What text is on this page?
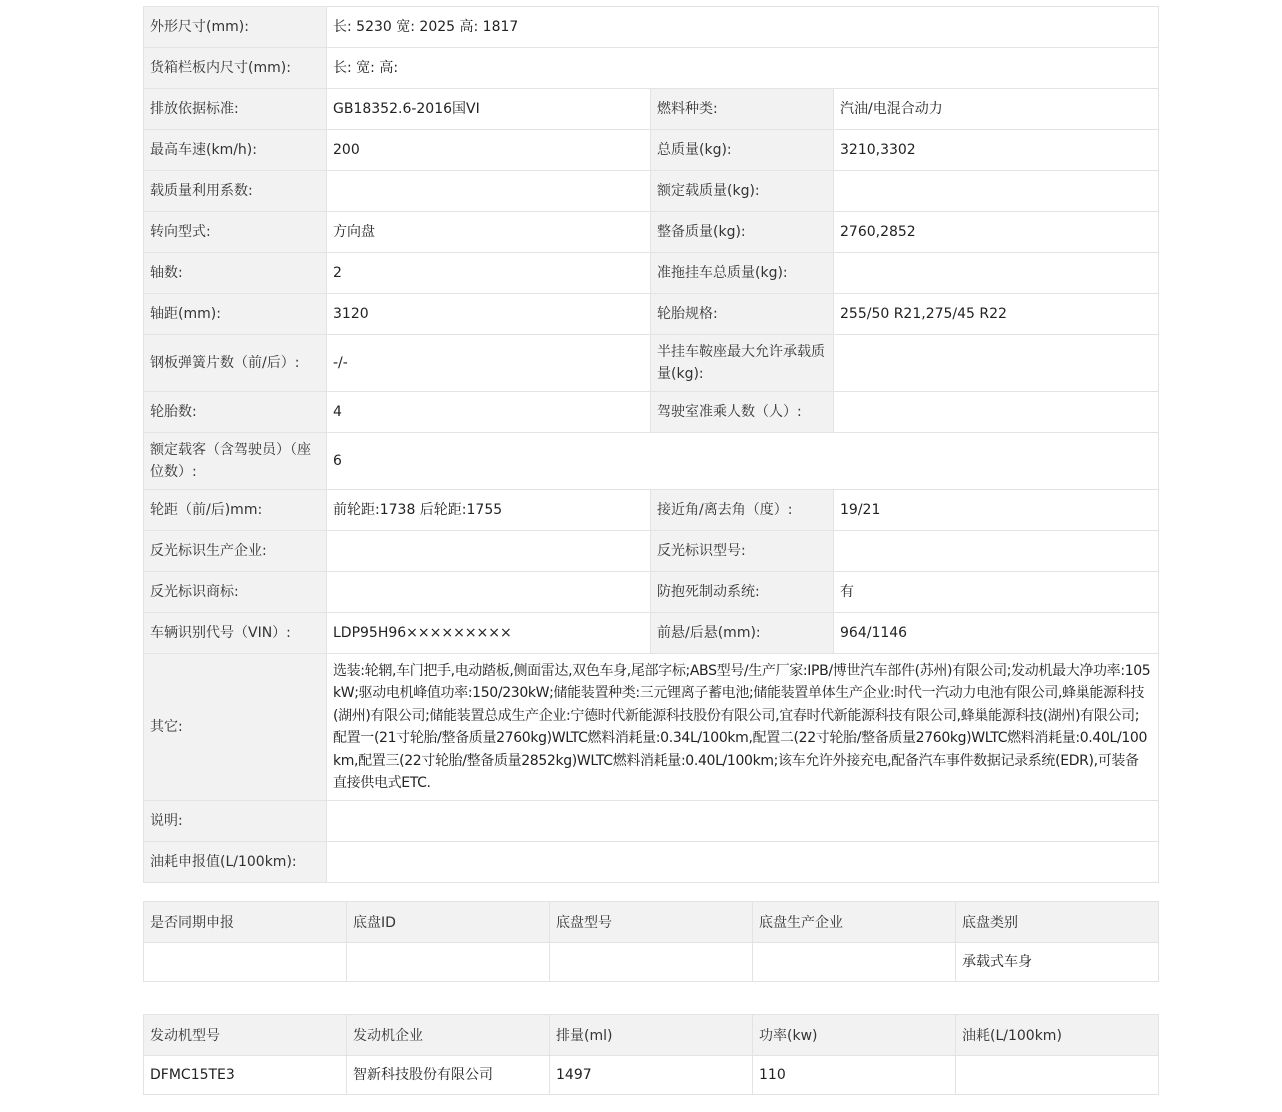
外形尺寸(mm):	长: 5230 宽: 2025 高: 1817		
货箱栏板内尺寸(mm):	长: 宽: 高:		
排放依据标准:	GB18352.6-2016国VI	燃料种类:	汽油/电混合动力
最高车速(km/h):	200	总质量(kg):	3210,3302
载质量利用系数:		额定载质量(kg):	
转向型式:	方向盘	整备质量(kg):	2760,2852
轴数:	2	准拖挂车总质量(kg):	
轴距(mm):	3120	轮胎规格:	255/50 R21,275/45 R22
钢板弹簧片数（前/后）:	-/-	半挂车鞍座最大允许承载质量(kg):	
轮胎数:	4	驾驶室准乘人数（人）:	
额定载客（含驾驶员）（座位数）:	6		
轮距（前/后)mm:	前轮距:1738 后轮距:1755	接近角/离去角（度）:	19/21
反光标识生产企业:		反光标识型号:	
反光标识商标:		防抱死制动系统:	有
车辆识别代号（VIN）:	LDP95H96×××××××××	前悬/后悬(mm):	964/1146
其它:	选装:轮辋,车门把手,电动踏板,侧面雷达,双色车身,尾部字标;ABS型号/生产厂家:IPB/博世汽车部件(苏州)有限公司;发动机最大净功率:105kW;驱动电机峰值功率:150/230kW;储能装置种类:三元锂离子蓄电池;储能装置单体生产企业:时代一汽动力电池有限公司,蜂巢能源科技(湖州)有限公司;储能装置总成生产企业:宁德时代新能源科技股份有限公司,宜春时代新能源科技有限公司,蜂巢能源科技(湖州)有限公司;配置一(21寸轮胎/整备质量2760kg)WLTC燃料消耗量:0.34L/100km,配置二(22寸轮胎/整备质量2760kg)WLTC燃料消耗量:0.40L/100km,配置三(22寸轮胎/整备质量2852kg)WLTC燃料消耗量:0.40L/100km;该车允许外接充电,配备汽车事件数据记录系统(EDR),可装备直接供电式ETC.		

说明:			
油耗申报值(L/100km):			
是否同期申报	底盘ID	底盘型号	底盘生产企业	底盘类别
				承载式车身
发动机型号	发动机企业	排量(ml)	功率(kw)	油耗(L/100km)
DFMC15TE3	智新科技股份有限公司	1497	110	
